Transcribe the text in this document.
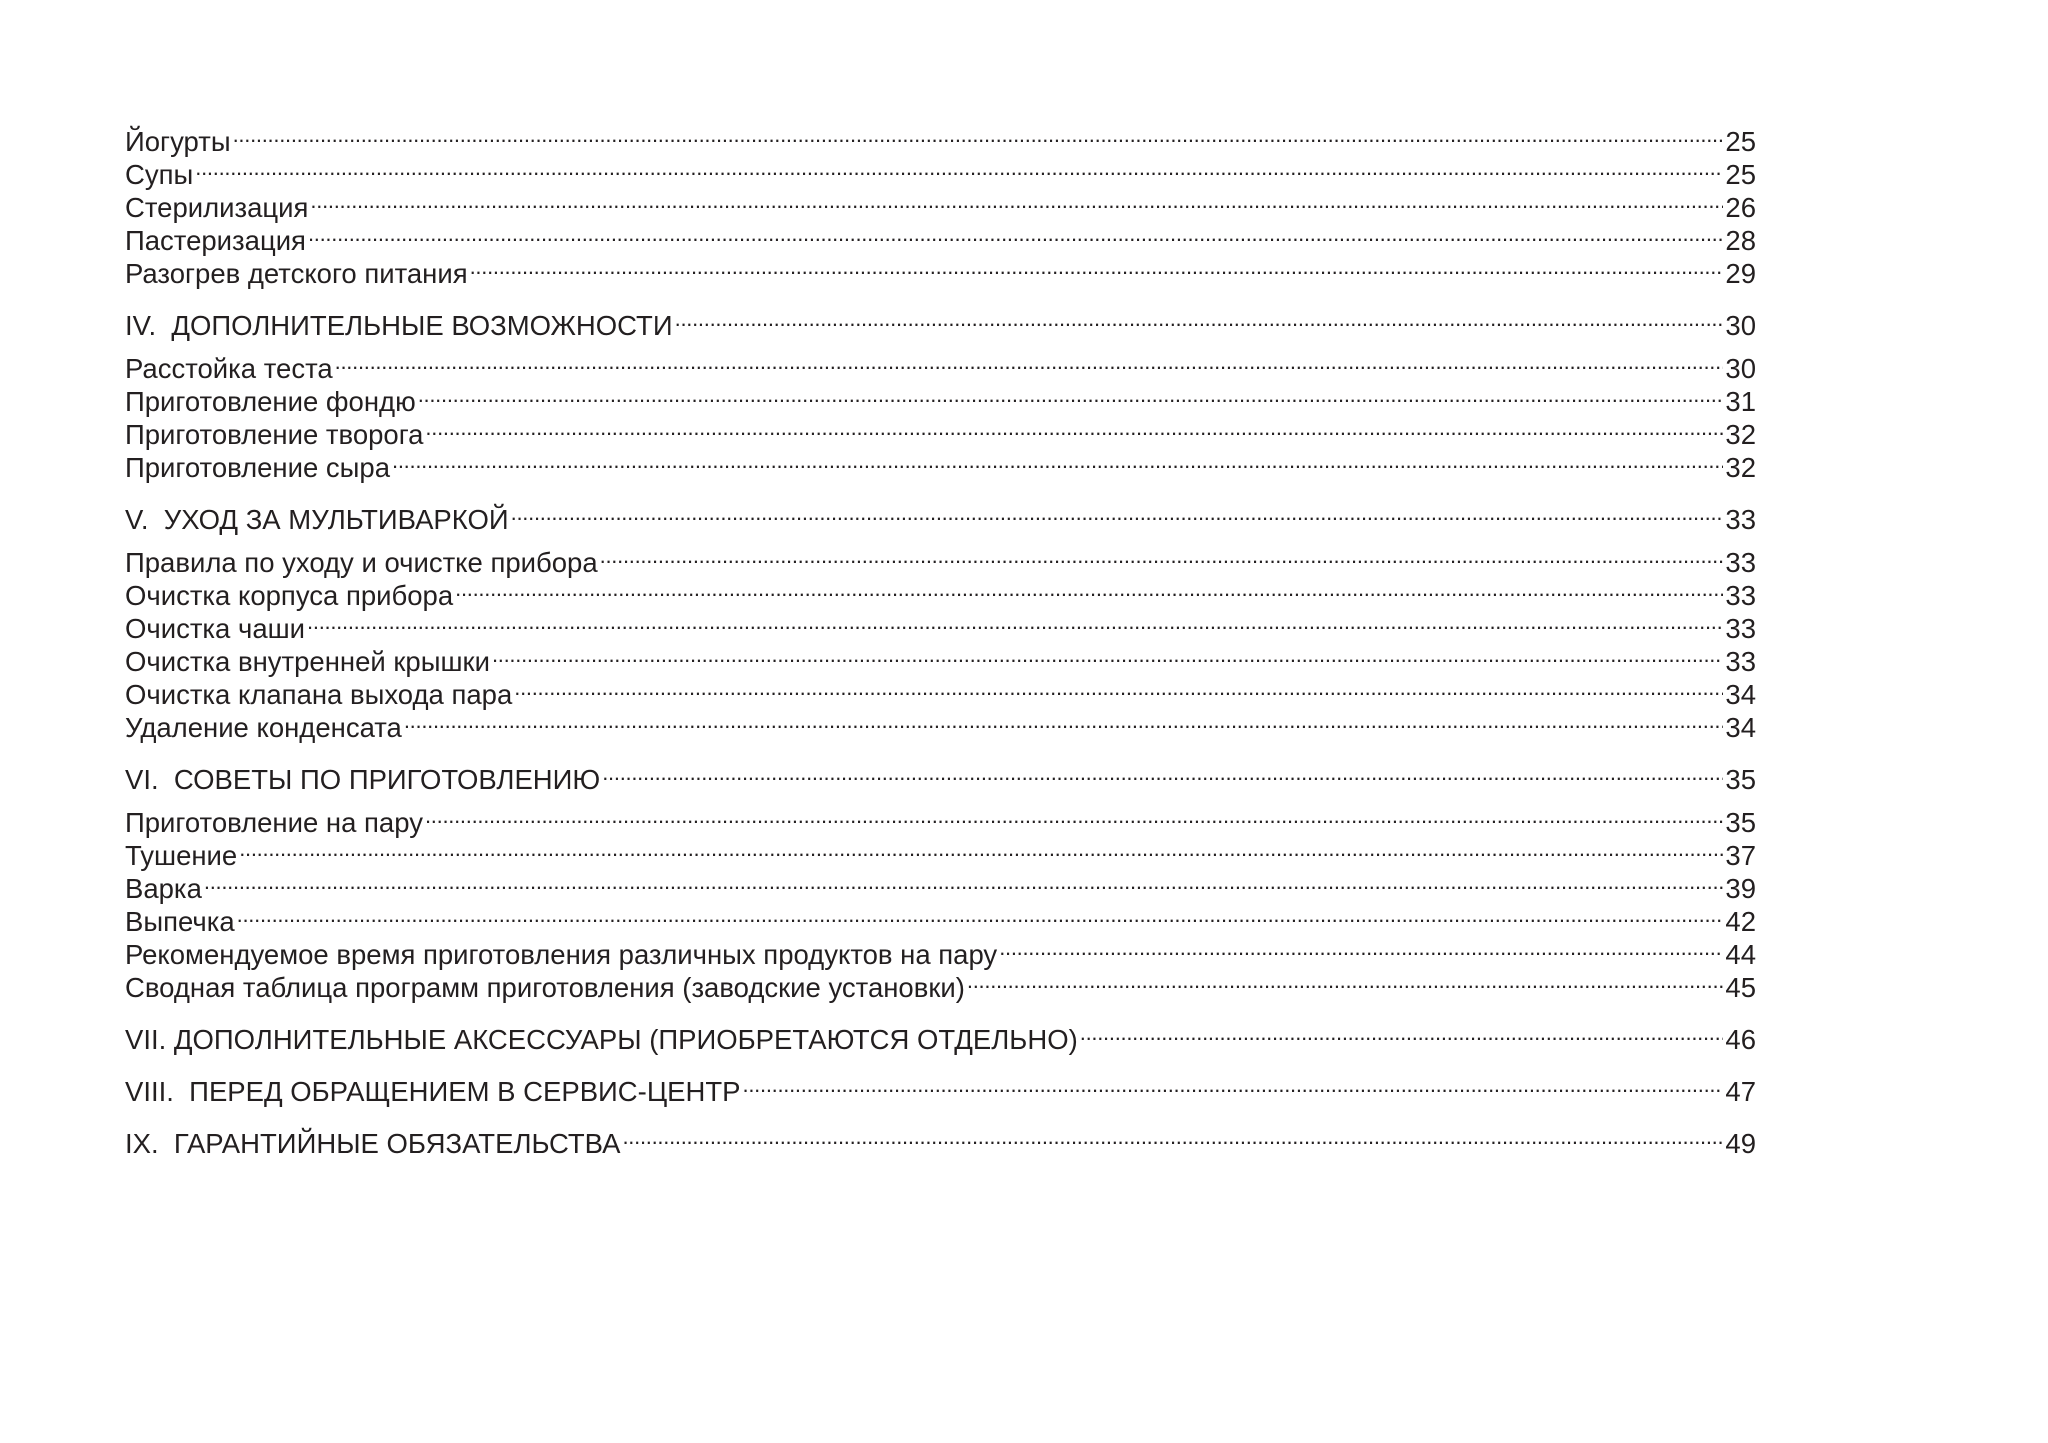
Йогурты . . .	25
Супы . . .	25
Стерилизация . . .	26
Пастеризация . . .	28
Разогрев детского питания . . .	29
IV.  ДОПОЛНИТЕЛЬНЫЕ ВОЗМОЖНОСТИ . . .	30
Расстойка теста . . .	30
Приготовление фондю . . .	31
Приготовление творога . . .	32
Приготовление сыра . . .	32
V.  УХОД ЗА МУЛЬТИВАРКОЙ . . .	33
Правила по уходу и очистке прибора . . .	33
Очистка корпуса прибора . . .	33
Очистка чаши . . .	33
Очистка внутренней крышки . . .	33
Очистка клапана выхода пара . . .	34
Удаление конденсата . . .	34
VI.  СОВЕТЫ ПО ПРИГОТОВЛЕНИЮ . . .	35
Приготовление на пару . . .	35
Тушение . . .	37
Варка . . .	39
Выпечка . . .	42
Рекомендуемое время приготовления различных продуктов на пару . . .	44
Сводная таблица программ приготовления (заводские установки) . . .	45
VII. ДОПОЛНИТЕЛЬНЫЕ АКСЕССУАРЫ (ПРИОБРЕТАЮТСЯ ОТДЕЛЬНО) . . .	46
VIII.  ПЕРЕД ОБРАЩЕНИЕМ В СЕРВИС-ЦЕНТР . . .	47
IX.  ГАРАНТИЙНЫЕ ОБЯЗАТЕЛЬСТВА . . .	49
